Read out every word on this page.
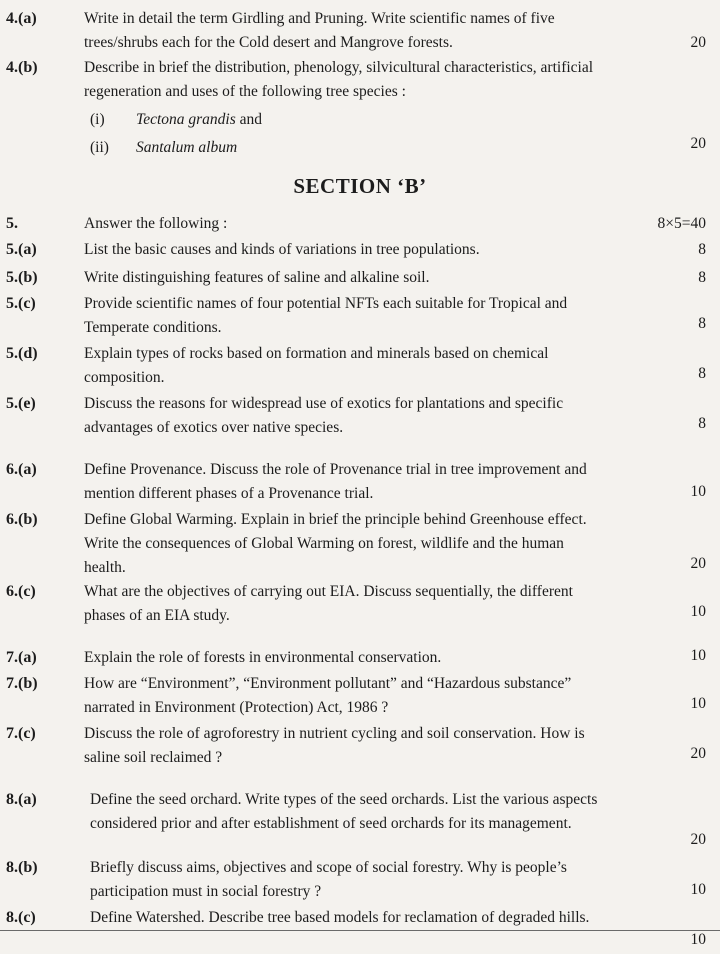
4.(a)	Write in detail the term Girdling and Pruning. Write scientific names of five
trees/shrubs each for the Cold desert and Mangrove forests.	20
4.(b)	Describe in brief the distribution, phenology, silvicultural characteristics, artificial
regeneration and uses of the following tree species :
(i) Tectona grandis and
(ii) Santalum album	20
SECTION ‘B’
5.	Answer the following :	8×5=40
5.(a)	List the basic causes and kinds of variations in tree populations.	8
5.(b)	Write distinguishing features of saline and alkaline soil.	8
5.(c)	Provide scientific names of four potential NFTs each suitable for Tropical and
Temperate conditions.	8
5.(d)	Explain types of rocks based on formation and minerals based on chemical
composition.	8
5.(e)	Discuss the reasons for widespread use of exotics for plantations and specific
advantages of exotics over native species.	8
6.(a)	Define Provenance. Discuss the role of Provenance trial in tree improvement and
mention different phases of a Provenance trial.	10
6.(b)	Define Global Warming. Explain in brief the principle behind Greenhouse effect.
Write the consequences of Global Warming on forest, wildlife and the human
health.	20
6.(c)	What are the objectives of carrying out EIA. Discuss sequentially, the different
phases of an EIA study.	10
7.(a)	Explain the role of forests in environmental conservation.	10
7.(b)	How are “Environment”, “Environment pollutant” and “Hazardous substance”
narrated in Environment (Protection) Act, 1986 ?	10
7.(c)	Discuss the role of agroforestry in nutrient cycling and soil conservation. How is
saline soil reclaimed ?	20
8.(a)	Define the seed orchard. Write types of the seed orchards. List the various aspects
considered prior and after establishment of seed orchards for its management.
20
8.(b)	Briefly discuss aims, objectives and scope of social forestry. Why is people’s
participation must in social forestry ?	10
8.(c)	Define Watershed. Describe tree based models for reclamation of degraded hills.
10
